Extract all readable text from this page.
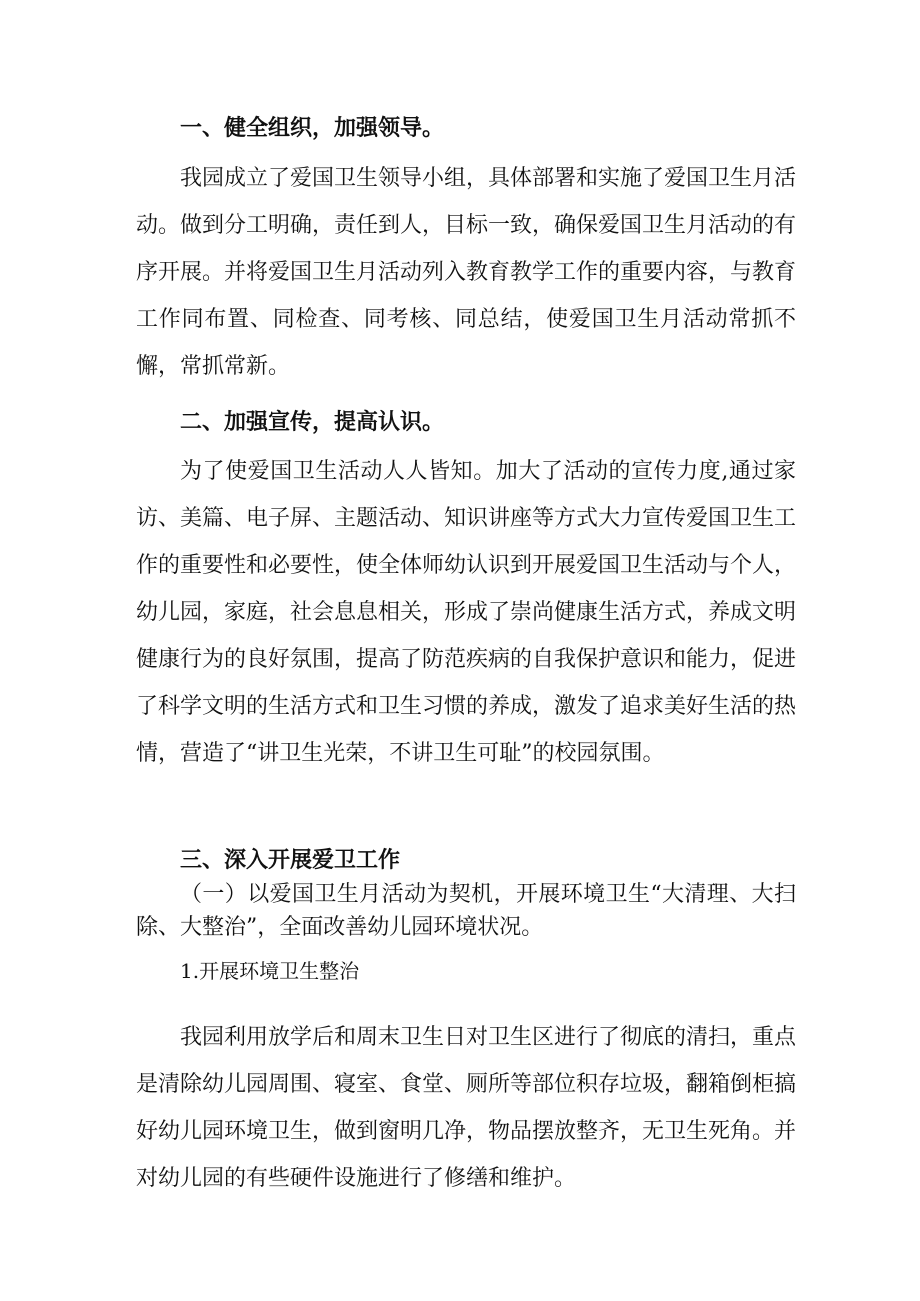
一、健全组织，加强领导。

我园成立了爱国卫生领导小组，具体部署和实施了爱国卫生月活动。做到分工明确，责任到人，目标一致，确保爱国卫生月活动的有序开展。并将爱国卫生月活动列入教育教学工作的重要内容，与教育工作同布置、同检查、同考核、同总结，使爱国卫生月活动常抓不懈，常抓常新。

二、加强宣传，提高认识。

为了使爱国卫生活动人人皆知。加大了活动的宣传力度,通过家访、美篇、电子屏、主题活动、知识讲座等方式大力宣传爱国卫生工作的重要性和必要性，使全体师幼认识到开展爱国卫生活动与个人，幼儿园，家庭，社会息息相关，形成了崇尚健康生活方式，养成文明健康行为的良好氛围，提高了防范疾病的自我保护意识和能力，促进了科学文明的生活方式和卫生习惯的养成，激发了追求美好生活的热情，营造了“讲卫生光荣，不讲卫生可耻”的校园氛围。

三、深入开展爱卫工作

（一）以爱国卫生月活动为契机，开展环境卫生“大清理、大扫除、大整治”，全面改善幼儿园环境状况。

1.开展环境卫生整治

我园利用放学后和周末卫生日对卫生区进行了彻底的清扫，重点是清除幼儿园周围、寝室、食堂、厕所等部位积存垃圾，翻箱倒柜搞好幼儿园环境卫生，做到窗明几净，物品摆放整齐，无卫生死角。并对幼儿园的有些硬件设施进行了修缮和维护。
